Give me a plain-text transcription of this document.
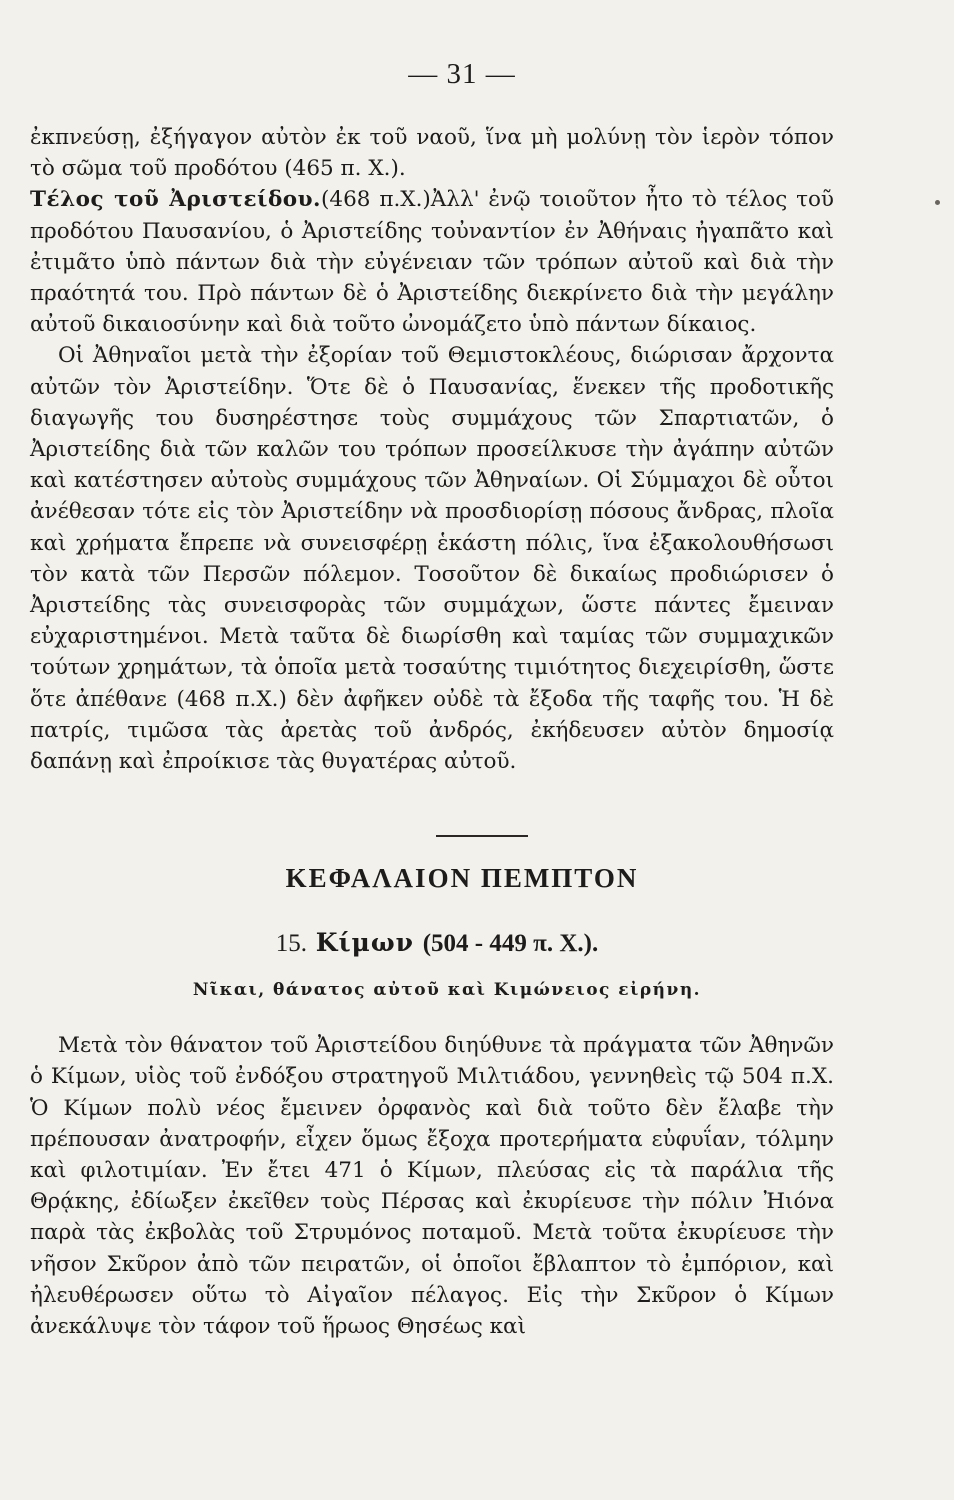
— 31 —

ἐκπνεύσῃ, ἐξήγαγον αὐτὸν ἐκ τοῦ ναοῦ, ἵνα μὴ μολύνῃ τὸν ἱερὸν τόπον τὸ σῶμα τοῦ προδότου (465 π. Χ.).

Τέλος τοῦ Ἀριστείδου.(468 π.Χ.)Ἀλλ' ἐνῷ τοιοῦτον ἦτο τὸ τέλος τοῦ προδότου Παυσανίου, ὁ Ἀριστείδης τοὐναντίον ἐν Ἀθήναις ἠγαπᾶτο καὶ ἐτιμᾶτο ὑπὸ πάντων διὰ τὴν εὐγένειαν τῶν τρόπων αὐτοῦ καὶ διὰ τὴν πραότητά του. Πρὸ πάντων δὲ ὁ Ἀριστείδης διεκρίνετο διὰ τὴν μεγάλην αὐτοῦ δικαιοσύνην καὶ διὰ τοῦτο ὠνομάζετο ὑπὸ πάντων δίκαιος.

Οἱ Ἀθηναῖοι μετὰ τὴν ἐξορίαν τοῦ Θεμιστοκλέους, διώρισαν ἄρχοντα αὐτῶν τὸν Ἀριστείδην. Ὅτε δὲ ὁ Παυσανίας, ἕνεκεν τῆς προδοτικῆς διαγωγῆς του δυσηρέστησε τοὺς συμμάχους τῶν Σπαρτιατῶν, ὁ Ἀριστείδης διὰ τῶν καλῶν του τρόπων προσείλκυσε τὴν ἀγάπην αὐτῶν καὶ κατέστησεν αὐτοὺς συμμάχους τῶν Ἀθηναίων. Οἱ Σύμμαχοι δὲ οὗτοι ἀνέθεσαν τότε εἰς τὸν Ἀριστείδην νὰ προσδιορίσῃ πόσους ἄνδρας, πλοῖα καὶ χρήματα ἔπρεπε νὰ συνεισφέρῃ ἑκάστη πόλις, ἵνα ἐξακολουθήσωσι τὸν κατὰ τῶν Περσῶν πόλεμον. Τοσοῦτον δὲ δικαίως προδιώρισεν ὁ Ἀριστείδης τὰς συνεισφορὰς τῶν συμμάχων, ὥστε πάντες ἔμειναν εὐχαριστημένοι. Μετὰ ταῦτα δὲ διωρίσθη καὶ ταμίας τῶν συμμαχικῶν τούτων χρημάτων, τὰ ὁποῖα μετὰ τοσαύτης τιμιότητος διεχειρίσθη, ὥστε ὅτε ἀπέθανε (468 π.Χ.) δὲν ἀφῆκεν οὐδὲ τὰ ἔξοδα τῆς ταφῆς του. Ἡ δὲ πατρίς, τιμῶσα τὰς ἀρετὰς τοῦ ἀνδρός, ἐκήδευσεν αὐτὸν δημοσίᾳ δαπάνῃ καὶ ἐπροίκισε τὰς θυγατέρας αὐτοῦ.

ΚΕΦΑΛΑΙΟΝ ΠΕΜΠΤΟΝ
15. Κίμων (504 - 449 π. Χ.).
Νῖκαι, θάνατος αὐτοῦ καὶ Κιμώνειος εἰρήνη.

Μετὰ τὸν θάνατον τοῦ Ἀριστείδου διηύθυνε τὰ πράγματα τῶν Ἀθηνῶν ὁ Κίμων, υἱὸς τοῦ ἐνδόξου στρατηγοῦ Μιλτιάδου, γεννηθεὶς τῷ 504 π.Χ. Ὁ Κίμων πολὺ νέος ἔμεινεν ὀρφανὸς καὶ διὰ τοῦτο δὲν ἔλαβε τὴν πρέπουσαν ἀνατροφήν, εἶχεν ὅμως ἔξοχα προτερήματα εὐφυΐαν, τόλμην καὶ φιλοτιμίαν. Ἐν ἔτει 471 ὁ Κίμων, πλεύσας εἰς τὰ παράλια τῆς Θρᾴκης, ἐδίωξεν ἐκεῖθεν τοὺς Πέρσας καὶ ἐκυρίευσε τὴν πόλιν Ἠιόνα παρὰ τὰς ἐκβολὰς τοῦ Στρυμόνος ποταμοῦ. Μετὰ τοῦτα ἐκυρίευσε τὴν νῆσον Σκῦρον ἀπὸ τῶν πειρατῶν, οἱ ὁποῖοι ἔβλαπτον τὸ ἐμπόριον, καὶ ἠλευθέρωσεν οὕτω τὸ Αἰγαῖον πέλαγος. Εἰς τὴν Σκῦρον ὁ Κίμων ἀνεκάλυψε τὸν τάφον τοῦ ἥρωος Θησέως καὶ
